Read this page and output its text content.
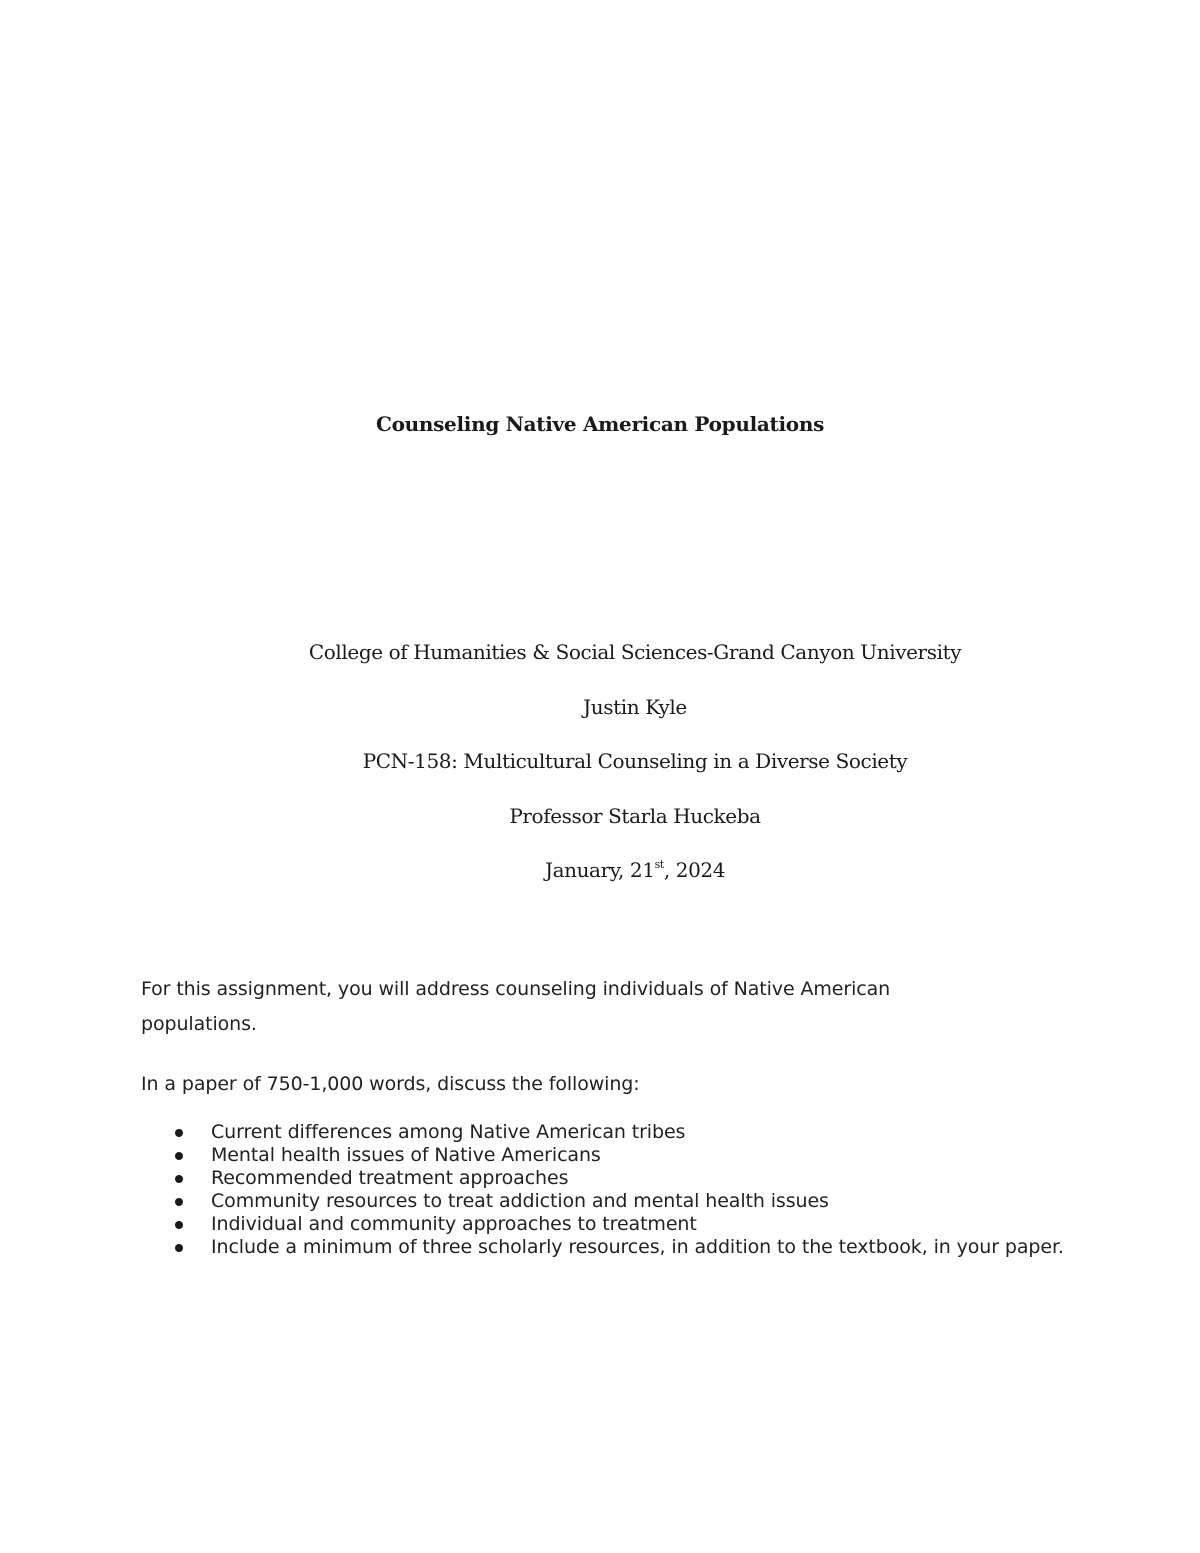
Counseling Native American Populations
College of Humanities & Social Sciences-Grand Canyon University
Justin Kyle
PCN-158: Multicultural Counseling in a Diverse Society
Professor Starla Huckeba
January, 21st, 2024
For this assignment, you will address counseling individuals of Native American populations.
In a paper of 750-1,000 words, discuss the following:
Current differences among Native American tribes
Mental health issues of Native Americans
Recommended treatment approaches
Community resources to treat addiction and mental health issues
Individual and community approaches to treatment
Include a minimum of three scholarly resources, in addition to the textbook, in your paper.
